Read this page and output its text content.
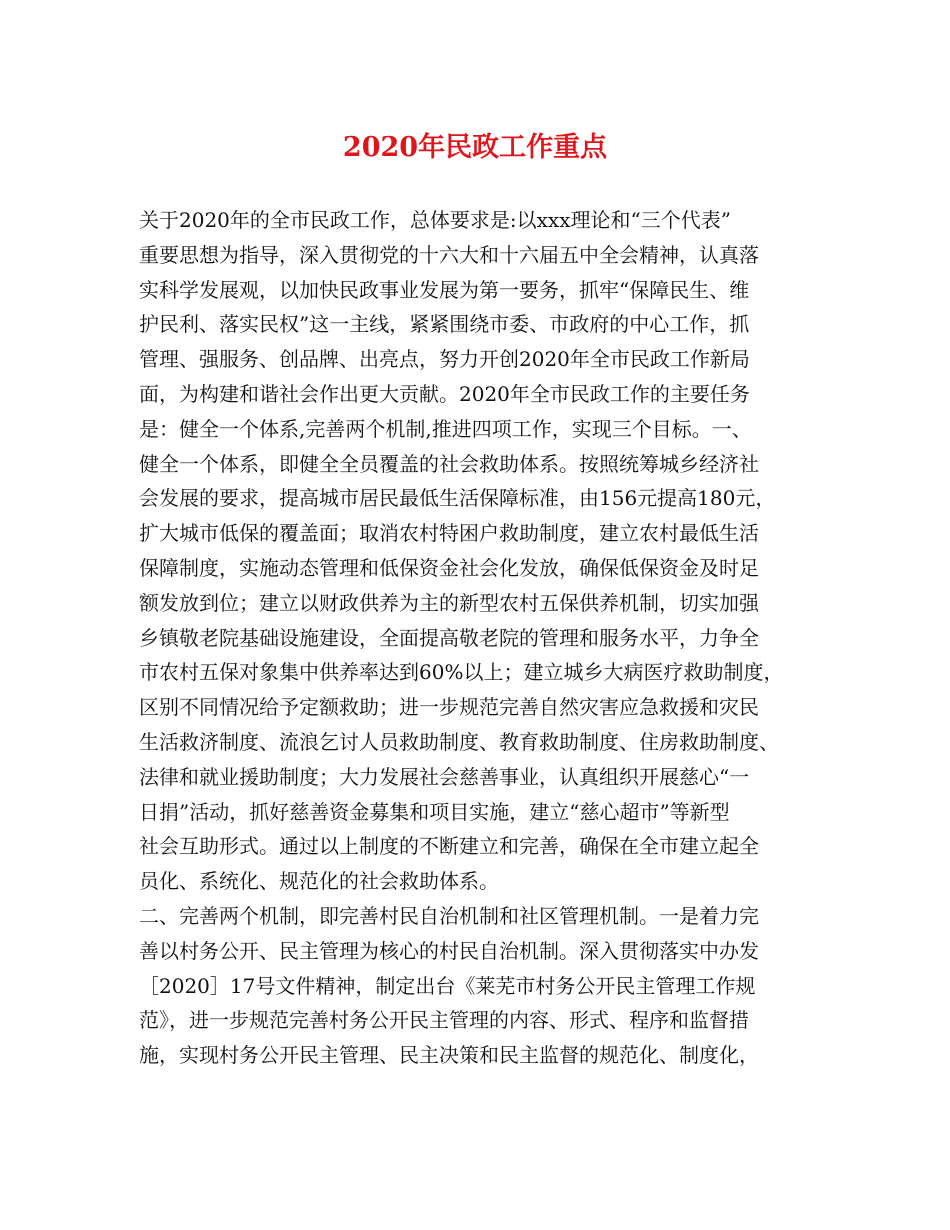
2020年民政工作重点
关于2020年的全市民政工作，总体要求是:以xxx理论和“三个代表”
重要思想为指导，深入贯彻党的十六大和十六届五中全会精神，认真落
实科学发展观，以加快民政事业发展为第一要务，抓牢“保障民生、维
护民利、落实民权”这一主线，紧紧围绕市委、市政府的中心工作，抓
管理、强服务、创品牌、出亮点，努力开创2020年全市民政工作新局
面，为构建和谐社会作出更大贡献。2020年全市民政工作的主要任务
是：健全一个体系,完善两个机制,推进四项工作，实现三个目标。一、
健全一个体系，即健全全员覆盖的社会救助体系。按照统筹城乡经济社
会发展的要求，提高城市居民最低生活保障标准，由156元提高180元，
扩大城市低保的覆盖面；取消农村特困户救助制度，建立农村最低生活
保障制度，实施动态管理和低保资金社会化发放，确保低保资金及时足
额发放到位；建立以财政供养为主的新型农村五保供养机制，切实加强
乡镇敬老院基础设施建设，全面提高敬老院的管理和服务水平，力争全
市农村五保对象集中供养率达到60%以上；建立城乡大病医疗救助制度，
区别不同情况给予定额救助；进一步规范完善自然灾害应急救援和灾民
生活救济制度、流浪乞讨人员救助制度、教育救助制度、住房救助制度、
法律和就业援助制度；大力发展社会慈善事业，认真组织开展慈心“一
日捐”活动，抓好慈善资金募集和项目实施，建立“慈心超市”等新型
社会互助形式。通过以上制度的不断建立和完善，确保在全市建立起全
员化、系统化、规范化的社会救助体系。
二、完善两个机制，即完善村民自治机制和社区管理机制。一是着力完
善以村务公开、民主管理为核心的村民自治机制。深入贯彻落实中办发
［2020］17号文件精神，制定出台《莱芜市村务公开民主管理工作规
范》，进一步规范完善村务公开民主管理的内容、形式、程序和监督措
施，实现村务公开民主管理、民主决策和民主监督的规范化、制度化，
